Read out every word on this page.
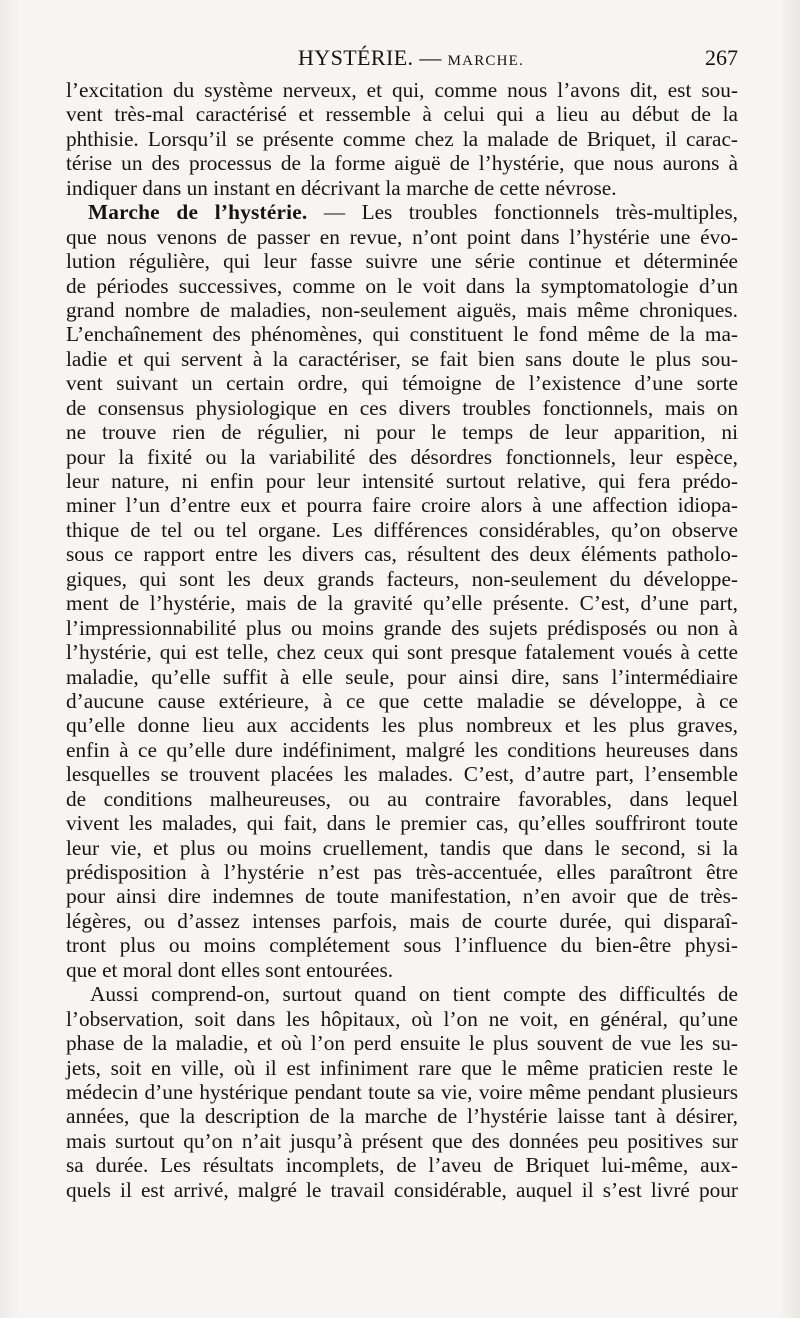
HYSTÉRIE. — MARCHE.	267
l’excitation du système nerveux, et qui, comme nous l’avons dit, est sou-
vent très-mal caractérisé et ressemble à celui qui a lieu au début de la
phthisie. Lorsqu’il se présente comme chez la malade de Briquet, il carac-
térise un des processus de la forme aiguë de l’hystérie, que nous aurons à
indiquer dans un instant en décrivant la marche de cette névrose.
Marche de l’hystérie. — Les troubles fonctionnels très-multiples,
que nous venons de passer en revue, n’ont point dans l’hystérie une évo-
lution régulière, qui leur fasse suivre une série continue et déterminée
de périodes successives, comme on le voit dans la symptomatologie d’un
grand nombre de maladies, non-seulement aiguës, mais même chroniques.
L’enchaînement des phénomènes, qui constituent le fond même de la ma-
ladie et qui servent à la caractériser, se fait bien sans doute le plus sou-
vent suivant un certain ordre, qui témoigne de l’existence d’une sorte
de consensus physiologique en ces divers troubles fonctionnels, mais on
ne trouve rien de régulier, ni pour le temps de leur apparition, ni
pour la fixité ou la variabilité des désordres fonctionnels, leur espèce,
leur nature, ni enfin pour leur intensité surtout relative, qui fera prédo-
miner l’un d’entre eux et pourra faire croire alors à une affection idiopa-
thique de tel ou tel organe. Les différences considérables, qu’on observe
sous ce rapport entre les divers cas, résultent des deux éléments patholo-
giques, qui sont les deux grands facteurs, non-seulement du développe-
ment de l’hystérie, mais de la gravité qu’elle présente. C’est, d’une part,
l’impressionnabilité plus ou moins grande des sujets prédisposés ou non à
l’hystérie, qui est telle, chez ceux qui sont presque fatalement voués à cette
maladie, qu’elle suffit à elle seule, pour ainsi dire, sans l’intermédiaire
d’aucune cause extérieure, à ce que cette maladie se développe, à ce
qu’elle donne lieu aux accidents les plus nombreux et les plus graves,
enfin à ce qu’elle dure indéfiniment, malgré les conditions heureuses dans
lesquelles se trouvent placées les malades. C’est, d’autre part, l’ensemble
de conditions malheureuses, ou au contraire favorables, dans lequel
vivent les malades, qui fait, dans le premier cas, qu’elles souffriront toute
leur vie, et plus ou moins cruellement, tandis que dans le second, si la
prédisposition à l’hystérie n’est pas très-accentuée, elles paraîtront être
pour ainsi dire indemnes de toute manifestation, n’en avoir que de très-
légères, ou d’assez intenses parfois, mais de courte durée, qui disparaî-
tront plus ou moins complétement sous l’influence du bien-être physi-
que et moral dont elles sont entourées.
Aussi comprend-on, surtout quand on tient compte des difficultés de
l’observation, soit dans les hôpitaux, où l’on ne voit, en général, qu’une
phase de la maladie, et où l’on perd ensuite le plus souvent de vue les su-
jets, soit en ville, où il est infiniment rare que le même praticien reste le
médecin d’une hystérique pendant toute sa vie, voire même pendant plusieurs
années, que la description de la marche de l’hystérie laisse tant à désirer,
mais surtout qu’on n’ait jusqu’à présent que des données peu positives sur
sa durée. Les résultats incomplets, de l’aveu de Briquet lui-même, aux-
quels il est arrivé, malgré le travail considérable, auquel il s’est livré pour
